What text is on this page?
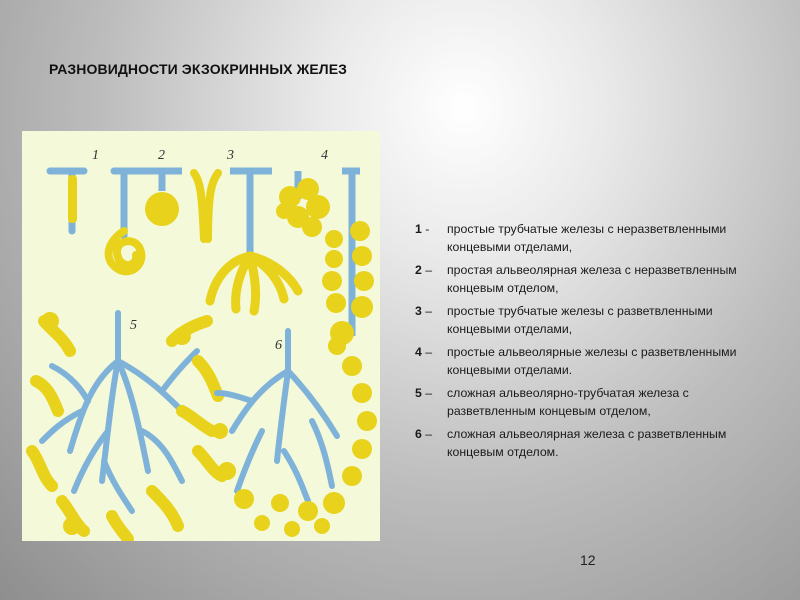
РАЗНОВИДНОСТИ ЭКЗОКРИННЫХ ЖЕЛЕЗ
1	2	3	4
5
6
1 -	простые трубчатые железы с неразветвленными концевыми отделами,
2 –	простая альвеолярная железа с неразветвленным концевым отделом,
3 –	простые трубчатые железы с разветвленными концевыми отделами,
4 –	простые альвеолярные железы с разветвленными концевыми отделами.
5 –	сложная альвеолярно-трубчатая железа с разветвленным концевым отделом,
6 –	сложная альвеолярная железа с разветвленным концевым отделом.
12
